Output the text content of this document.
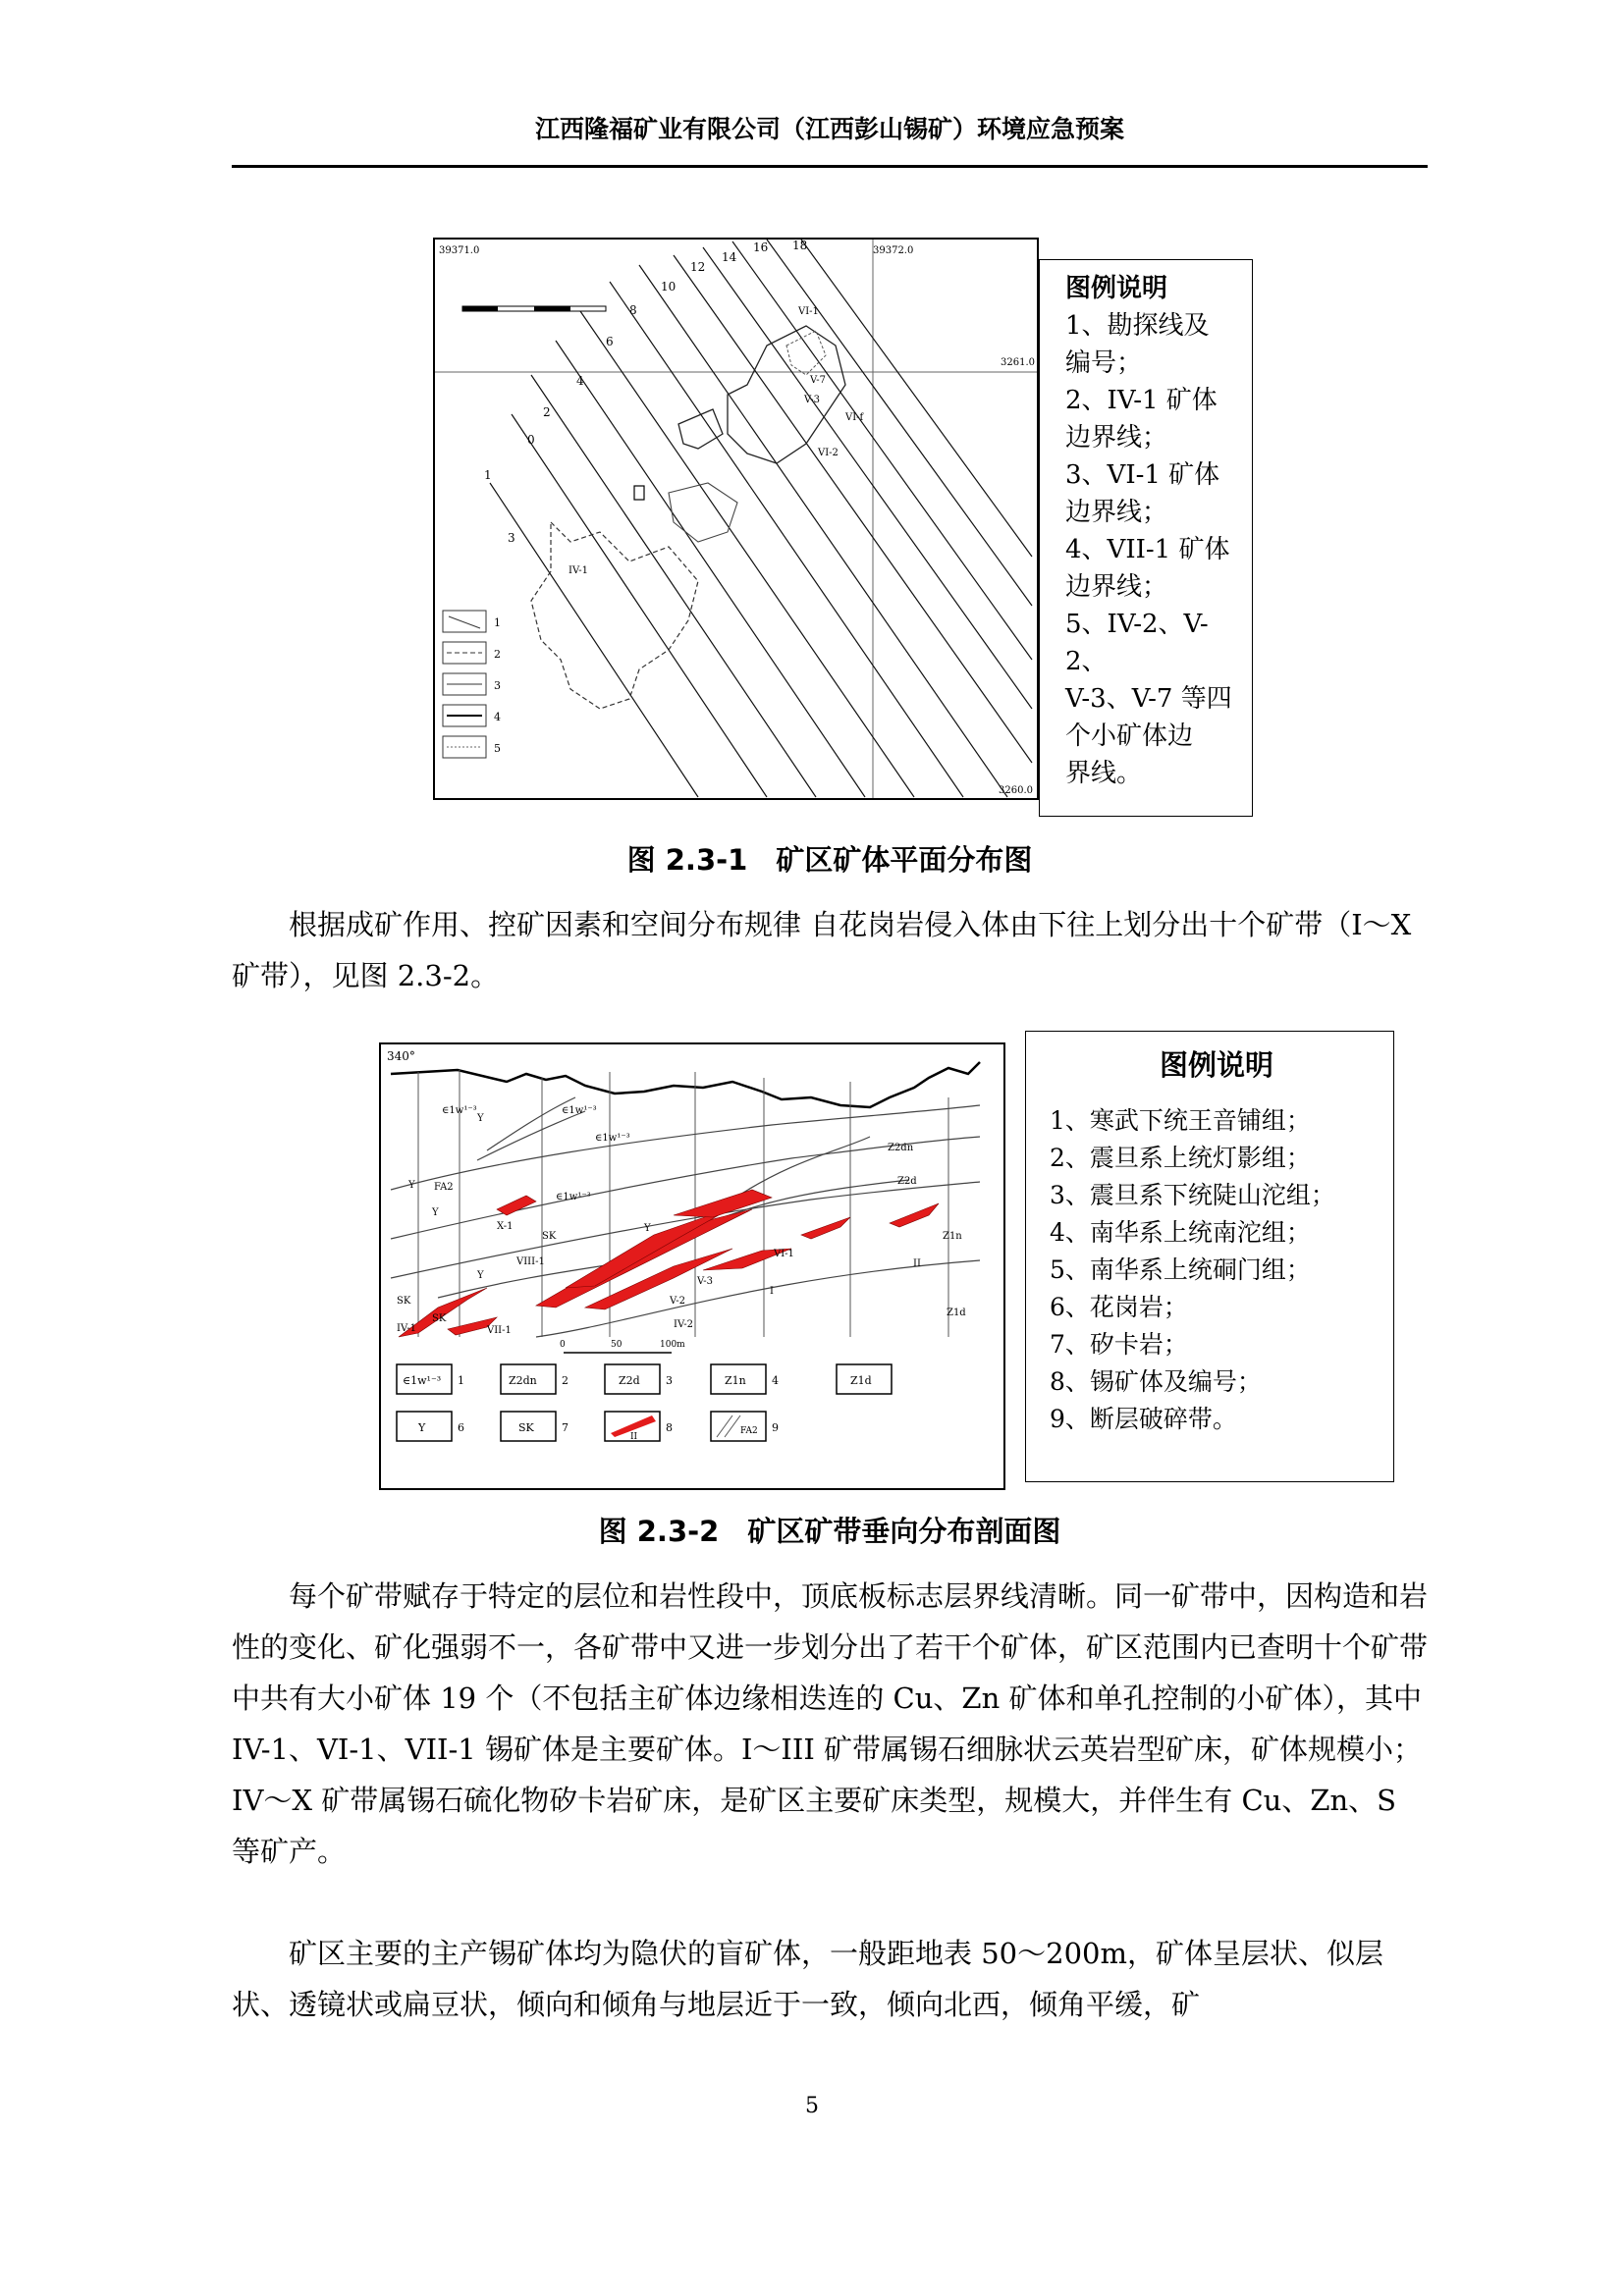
江西隆福矿业有限公司（江西彭山锡矿）环境应急预案
39371.0	39372.0
3261.0
3260.0
1
3
0
2
4
6
8
10
12
14
16 18
VI-1
V-7
V-3
VI-f
VI-2
IV-1
1
2
3
4
5
图例说明
1、勘探线及
编号；
2、IV-1 矿体
边界线；
3、VI-1 矿体
边界线；
4、VII-1 矿体
边界线；
5、IV-2、V-2、
V-3、V-7 等四
个小矿体边
界线。
图 2.3-1　矿区矿体平面分布图
根据成矿作用、控矿因素和空间分布规律 自花岗岩侵入体由下往上划分出十个矿带（I～X 矿带），见图 2.3-2。
340°
∈1w¹⁻³	∈1w¹⁻³
∈1w¹⁻³
∈1w¹⁻³
Z2dn
Z2d
Z1n
Z1d
Y
Y
Y
Y
Y
SK
SK
SK
FA2
X-1
VII-1
VIII-1
IV-1
V-2
IV-2
V-3
VI-1
II
I
0	50	100m
∈1w¹⁻³ 1	Z2dn 2	Z2d 3	Z1n 4	Z1d
Y	6	SK	7
II
8	FA2 9
图例说明
1、寒武下统王音铺组；
2、震旦系上统灯影组；
3、震旦系下统陡山沱组；
4、南华系上统南沱组；
5、南华系上统硐门组；
6、花岗岩；
7、矽卡岩；
8、锡矿体及编号；
9、断层破碎带。
图 2.3-2　矿区矿带垂向分布剖面图
每个矿带赋存于特定的层位和岩性段中，顶底板标志层界线清晰。同一矿带中，因构造和岩性的变化、矿化强弱不一，各矿带中又进一步划分出了若干个矿体，矿区范围内已查明十个矿带中共有大小矿体 19 个（不包括主矿体边缘相迭连的 Cu、Zn 矿体和单孔控制的小矿体），其中 IV-1、VI-1、VII-1 锡矿体是主要矿体。I～III 矿带属锡石细脉状云英岩型矿床，矿体规模小；IV～X 矿带属锡石硫化物矽卡岩矿床，是矿区主要矿床类型，规模大，并伴生有 Cu、Zn、S 等矿产。
矿区主要的主产锡矿体均为隐伏的盲矿体，一般距地表 50～200m，矿体呈层状、似层状、透镜状或扁豆状，倾向和倾角与地层近于一致，倾向北西，倾角平缓，矿
5
